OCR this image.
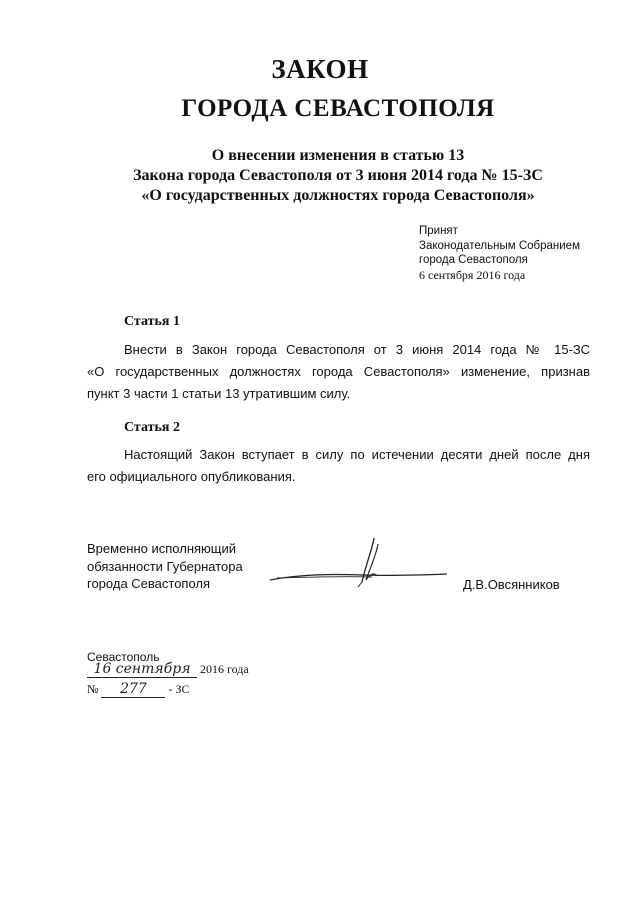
ЗАКОН
ГОРОДА СЕВАСТОПОЛЯ
О внесении изменения в статью 13
Закона города Севастополя от 3 июня 2014 года № 15-ЗС
«О государственных должностях города Севастополя»
Принят
Законодательным Собранием
города Севастополя
6 сентября 2016 года
Статья 1
Внести в Закон города Севастополя от 3 июня 2014 года № 15-ЗС
«О государственных должностях города Севастополя» изменение, признав
пункт 3 части 1 статьи 13 утратившим силу.
Статья 2
Настоящий Закон вступает в силу по истечении десяти дней после дня
его официального опубликования.
Временно исполняющий
обязанности Губернатора
города Севастополя	Д.В.Овсянников
Севастополь
16 сентября 2016 года
№ 277 - ЗС
